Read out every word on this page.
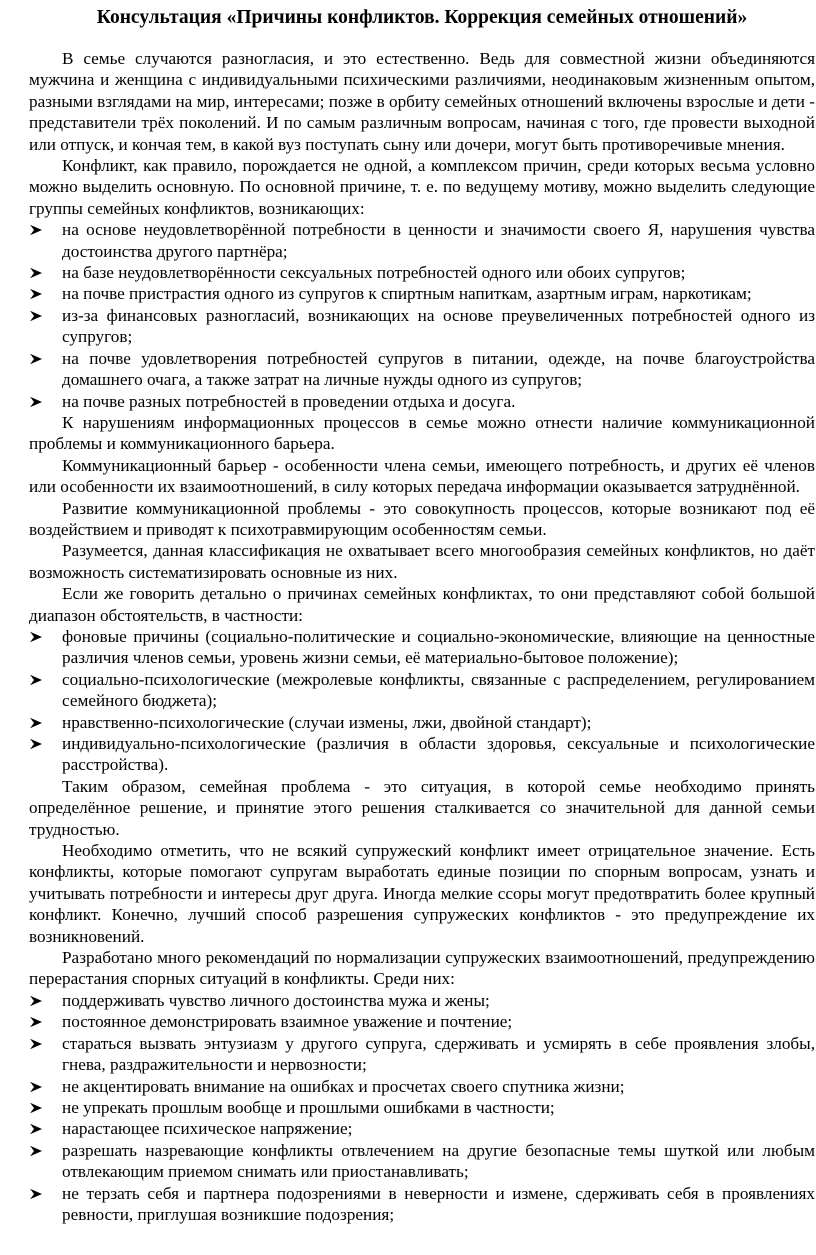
Консультация «Причины конфликтов. Коррекция семейных отношений»

В семье случаются разногласия, и это естественно. Ведь для совместной жизни объединяются мужчина и женщина с индивидуальными психическими различиями, неодинаковым жизненным опытом, разными взглядами на мир, интересами; позже в орбиту семейных отношений включены взрослые и дети - представители трёх поколений. И по самым различным вопросам, начиная с того, где провести выходной или отпуск, и кончая тем, в какой вуз поступать сыну или дочери, могут быть противоречивые мнения.

Конфликт, как правило, порождается не одной, а комплексом причин, среди которых весьма условно можно выделить основную. По основной причине, т. е. по ведущему мотиву, можно выделить следующие группы семейных конфликтов, возникающих:

на основе неудовлетворённой потребности в ценности и значимости своего Я, нарушения чувства достоинства другого партнёра;
на базе неудовлетворённости сексуальных потребностей одного или обоих супругов;
на почве пристрастия одного из супругов к спиртным напиткам, азартным играм, наркотикам;
из-за финансовых разногласий, возникающих на основе преувеличенных потребностей одного из супругов;
на почве удовлетворения потребностей супругов в питании, одежде, на почве благоустройства домашнего очага, а также затрат на личные нужды одного из супругов;
на почве разных потребностей в проведении отдыха и досуга.

К нарушениям информационных процессов в семье можно отнести наличие коммуникационной проблемы и коммуникационного барьера.

Коммуникационный барьер - особенности члена семьи, имеющего потребность, и других её членов или особенности их взаимоотношений, в силу которых передача информации оказывается затруднённой.

Развитие коммуникационной проблемы - это совокупность процессов, которые возникают под её воздействием и приводят к психотравмирующим особенностям семьи.

Разумеется, данная классификация не охватывает всего многообразия семейных конфликтов, но даёт возможность систематизировать основные из них.

Если же говорить детально о причинах семейных конфликтах, то они представляют собой большой диапазон обстоятельств, в частности:

фоновые причины (социально-политические и социально-экономические, влияющие на ценностные различия членов семьи, уровень жизни семьи, её материально-бытовое положение);
социально-психологические (межролевые конфликты, связанные с распределением, регулированием семейного бюджета);
нравственно-психологические (случаи измены, лжи, двойной стандарт);
индивидуально-психологические (различия в области здоровья, сексуальные и психологические расстройства).

Таким образом, семейная проблема - это ситуация, в которой семье необходимо принять определённое решение, и принятие этого решения сталкивается со значительной для данной семьи трудностью.

Необходимо отметить, что не всякий супружеский конфликт имеет отрицательное значение. Есть конфликты, которые помогают супругам выработать единые позиции по спорным вопросам, узнать и учитывать потребности и интересы друг друга. Иногда мелкие ссоры могут предотвратить более крупный конфликт. Конечно, лучший способ разрешения супружеских конфликтов - это предупреждение их возникновений.

Разработано много рекомендаций по нормализации супружеских взаимоотношений, предупреждению перерастания спорных ситуаций в конфликты. Среди них:

поддерживать чувство личного достоинства мужа и жены;
постоянное демонстрировать взаимное уважение и почтение;
стараться вызвать энтузиазм у другого супруга, сдерживать и усмирять в себе проявления злобы, гнева, раздражительности и нервозности;
не акцентировать внимание на ошибках и просчетах своего спутника жизни;
не упрекать прошлым вообще и прошлыми ошибками в частности;
нарастающее психическое напряжение;
разрешать назревающие конфликты отвлечением на другие безопасные темы шуткой или любым отвлекающим приемом снимать или приостанавливать;
не терзать себя и партнера подозрениями в неверности и измене, сдерживать себя в проявлениях ревности, приглушая возникшие подозрения;
